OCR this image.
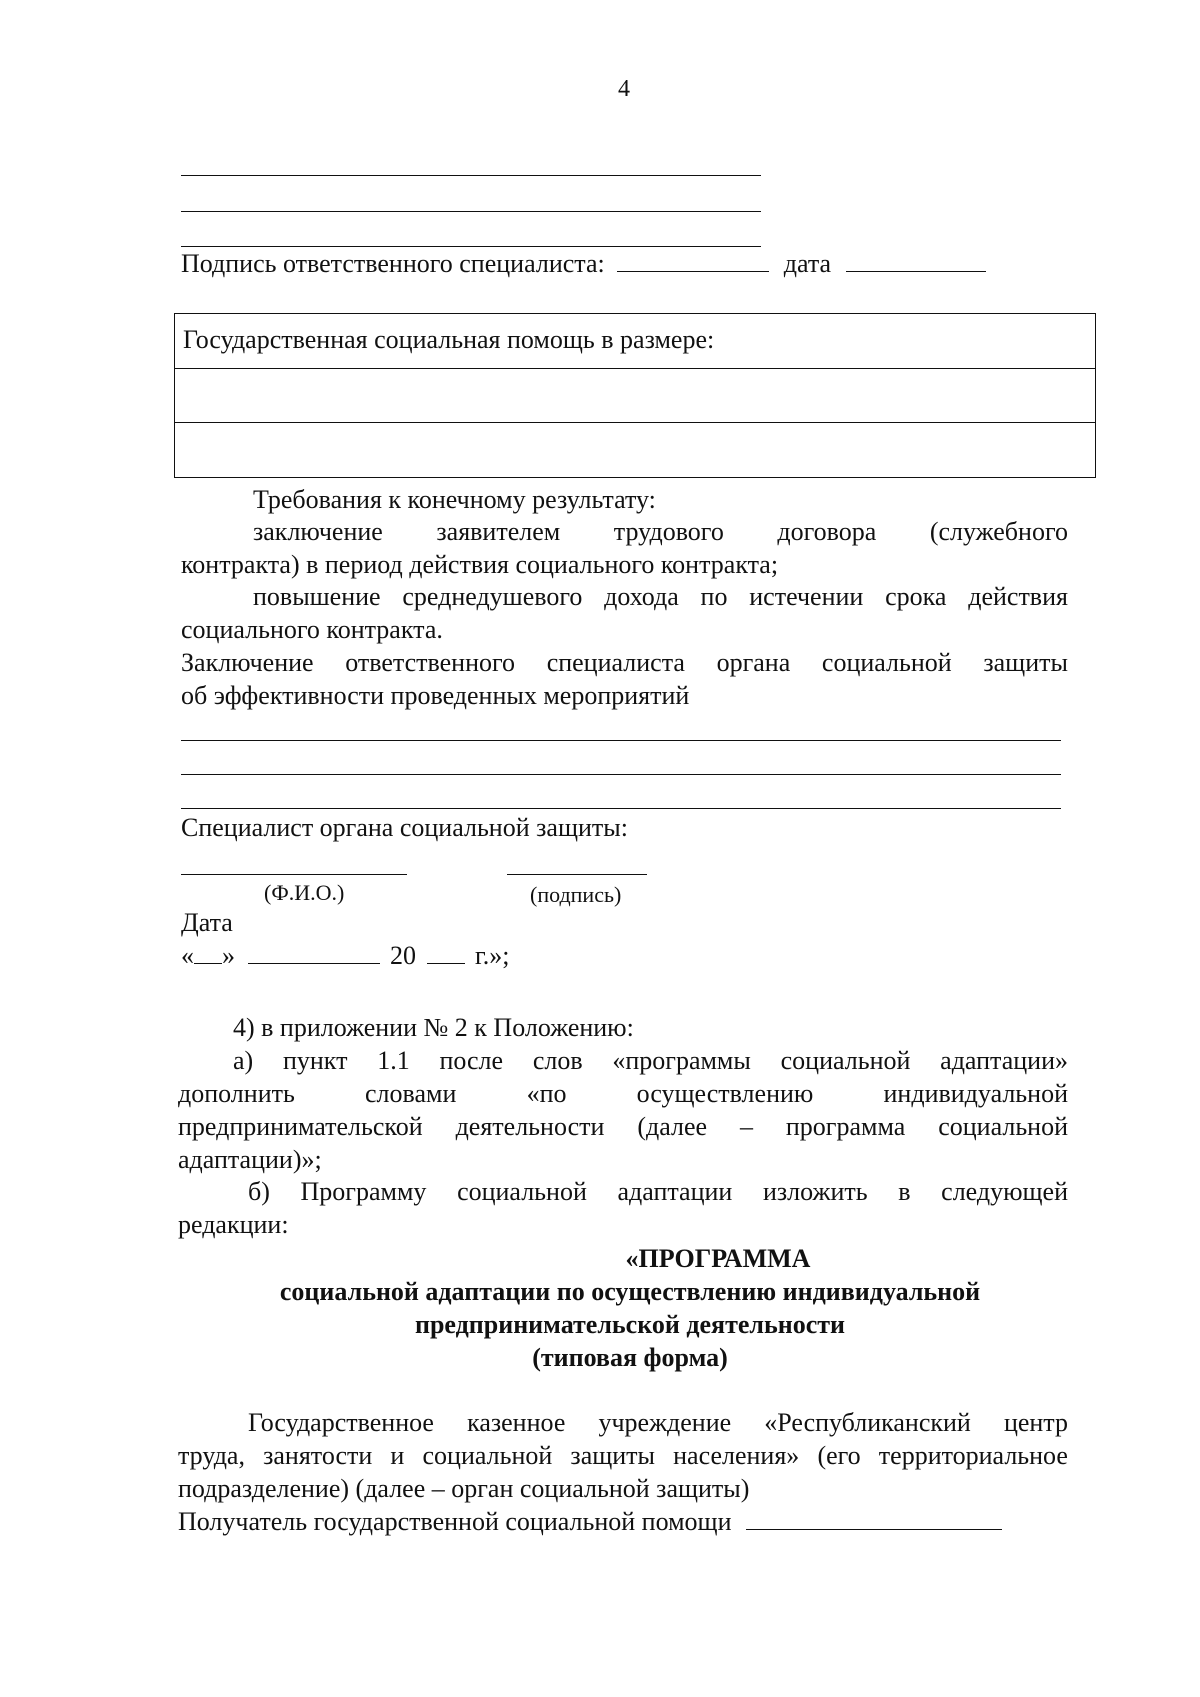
4
Подпись ответственного специалиста:	дата
Государственная социальная помощь в размере:
Требования к конечному результату:
заключение заявителем трудового договора (служебного
контракта) в период действия социального контракта;
повышение среднедушевого дохода по истечении срока действия
социального контракта.
Заключение ответственного специалиста органа социальной защиты
об эффективности проведенных мероприятий
Специалист органа социальной защиты:
(Ф.И.О.)	(подпись)
Дата
« »	20 г.»;
4) в приложении № 2 к Положению:
а) пункт 1.1 после слов «программы социальной адаптации»
дополнить	словами	«по	осуществлению	индивидуальной
предпринимательской деятельности (далее – программа социальной
адаптации)»;
б) Программу социальной адаптации изложить в следующей
редакции:
«ПРОГРАММА
социальной адаптации по осуществлению индивидуальной
предпринимательской деятельности
(типовая форма)
Государственное казенное учреждение «Республиканский центр
труда, занятости и социальной защиты населения» (его территориальное
подразделение) (далее – орган социальной защиты)
Получатель государственной социальной помощи
